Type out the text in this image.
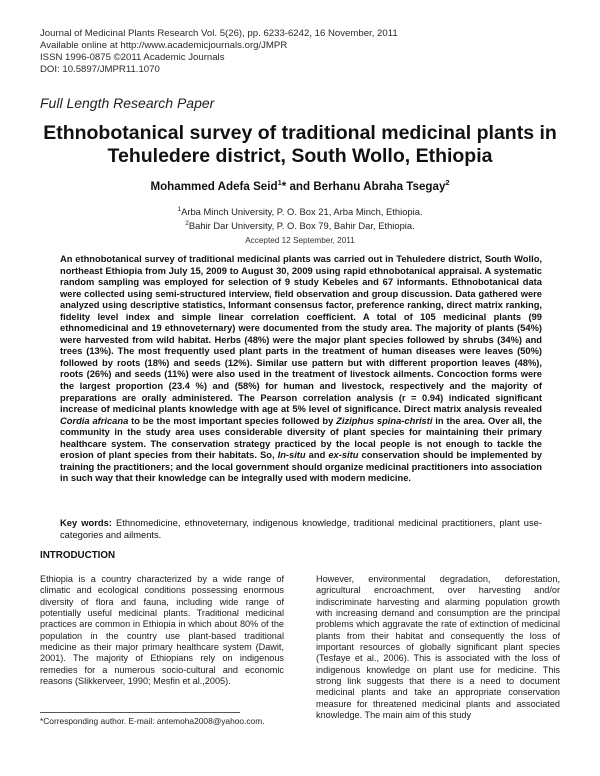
Journal of Medicinal Plants Research Vol. 5(26), pp. 6233-6242, 16 November, 2011
Available online at http://www.academicjournals.org/JMPR
ISSN 1996-0875 ©2011 Academic Journals
DOI: 10.5897/JMPR11.1070
Full Length Research Paper
Ethnobotanical survey of traditional medicinal plants in Tehuledere district, South Wollo, Ethiopia
Mohammed Adefa Seid$^1$* and Berhanu Abraha Tsegay$^2$
$^1$Arba Minch University, P. O. Box 21, Arba Minch, Ethiopia.
$^2$Bahir Dar University, P. O. Box 79, Bahir Dar, Ethiopia.
Accepted 12 September, 2011
An ethnobotanical survey of traditional medicinal plants was carried out in Tehuledere district, South Wollo, northeast Ethiopia from July 15, 2009 to August 30, 2009 using rapid ethnobotanical appraisal. A systematic random sampling was employed for selection of 9 study Kebeles and 67 informants. Ethnobotanical data were collected using semi-structured interview, field observation and group discussion. Data gathered were analyzed using descriptive statistics, Informant consensus factor, preference ranking, direct matrix ranking, fidelity level index and simple linear correlation coefficient. A total of 105 medicinal plants (99 ethnomedicinal and 19 ethnoveternary) were documented from the study area. The majority of plants (54%) were harvested from wild habitat. Herbs (48%) were the major plant species followed by shrubs (34%) and trees (13%). The most frequently used plant parts in the treatment of human diseases were leaves (50%) followed by roots (18%) and seeds (12%). Similar use pattern but with different proportion leaves (48%), roots (26%) and seeds (11%) were also used in the treatment of livestock ailments. Concoction forms were the largest proportion (23.4 %) and (58%) for human and livestock, respectively and the majority of preparations are orally administered. The Pearson correlation analysis (r = 0.94) indicated significant increase of medicinal plants knowledge with age at 5% level of significance. Direct matrix analysis revealed Cordia africana to be the most important species followed by Ziziphus spina-christi in the area. Over all, the community in the study area uses considerable diversity of plant species for maintaining their primary healthcare system. The conservation strategy practiced by the local people is not enough to tackle the erosion of plant species from their habitats. So, In-situ and ex-situ conservation should be implemented by training the practitioners; and the local government should organize medicinal practitioners into association in such way that their knowledge can be integrally used with modern medicine.
Key words: Ethnomedicine, ethnoveternary, indigenous knowledge, traditional medicinal practitioners, plant use-categories and ailments.
INTRODUCTION
Ethiopia is a country characterized by a wide range of climatic and ecological conditions possessing enormous diversity of flora and fauna, including wide range of potentially useful medicinal plants. Traditional medicinal practices are common in Ethiopia in which about 80% of the population in the country use plant-based traditional medicine as their major primary healthcare system (Dawit, 2001). The majority of Ethiopians rely on indigenous remedies for a numerous socio-cultural and economic reasons (Slikkerveer, 1990; Mesfin et al.,2005).
However, environmental degradation, deforestation, agricultural encroachment, over harvesting and/or indiscriminate harvesting and alarming population growth with increasing demand and consumption are the principal problems which aggravate the rate of extinction of medicinal plants from their habitat and consequently the loss of important resources of globally significant plant species (Tesfaye et al., 2006). This is associated with the loss of indigenous knowledge on plant use for medicine. This strong link suggests that there is a need to document medicinal plants and take an appropriate conservation measure for threatened medicinal plants and associated knowledge. The main aim of this study
*Corresponding author. E-mail: antemoha2008@yahoo.com.
